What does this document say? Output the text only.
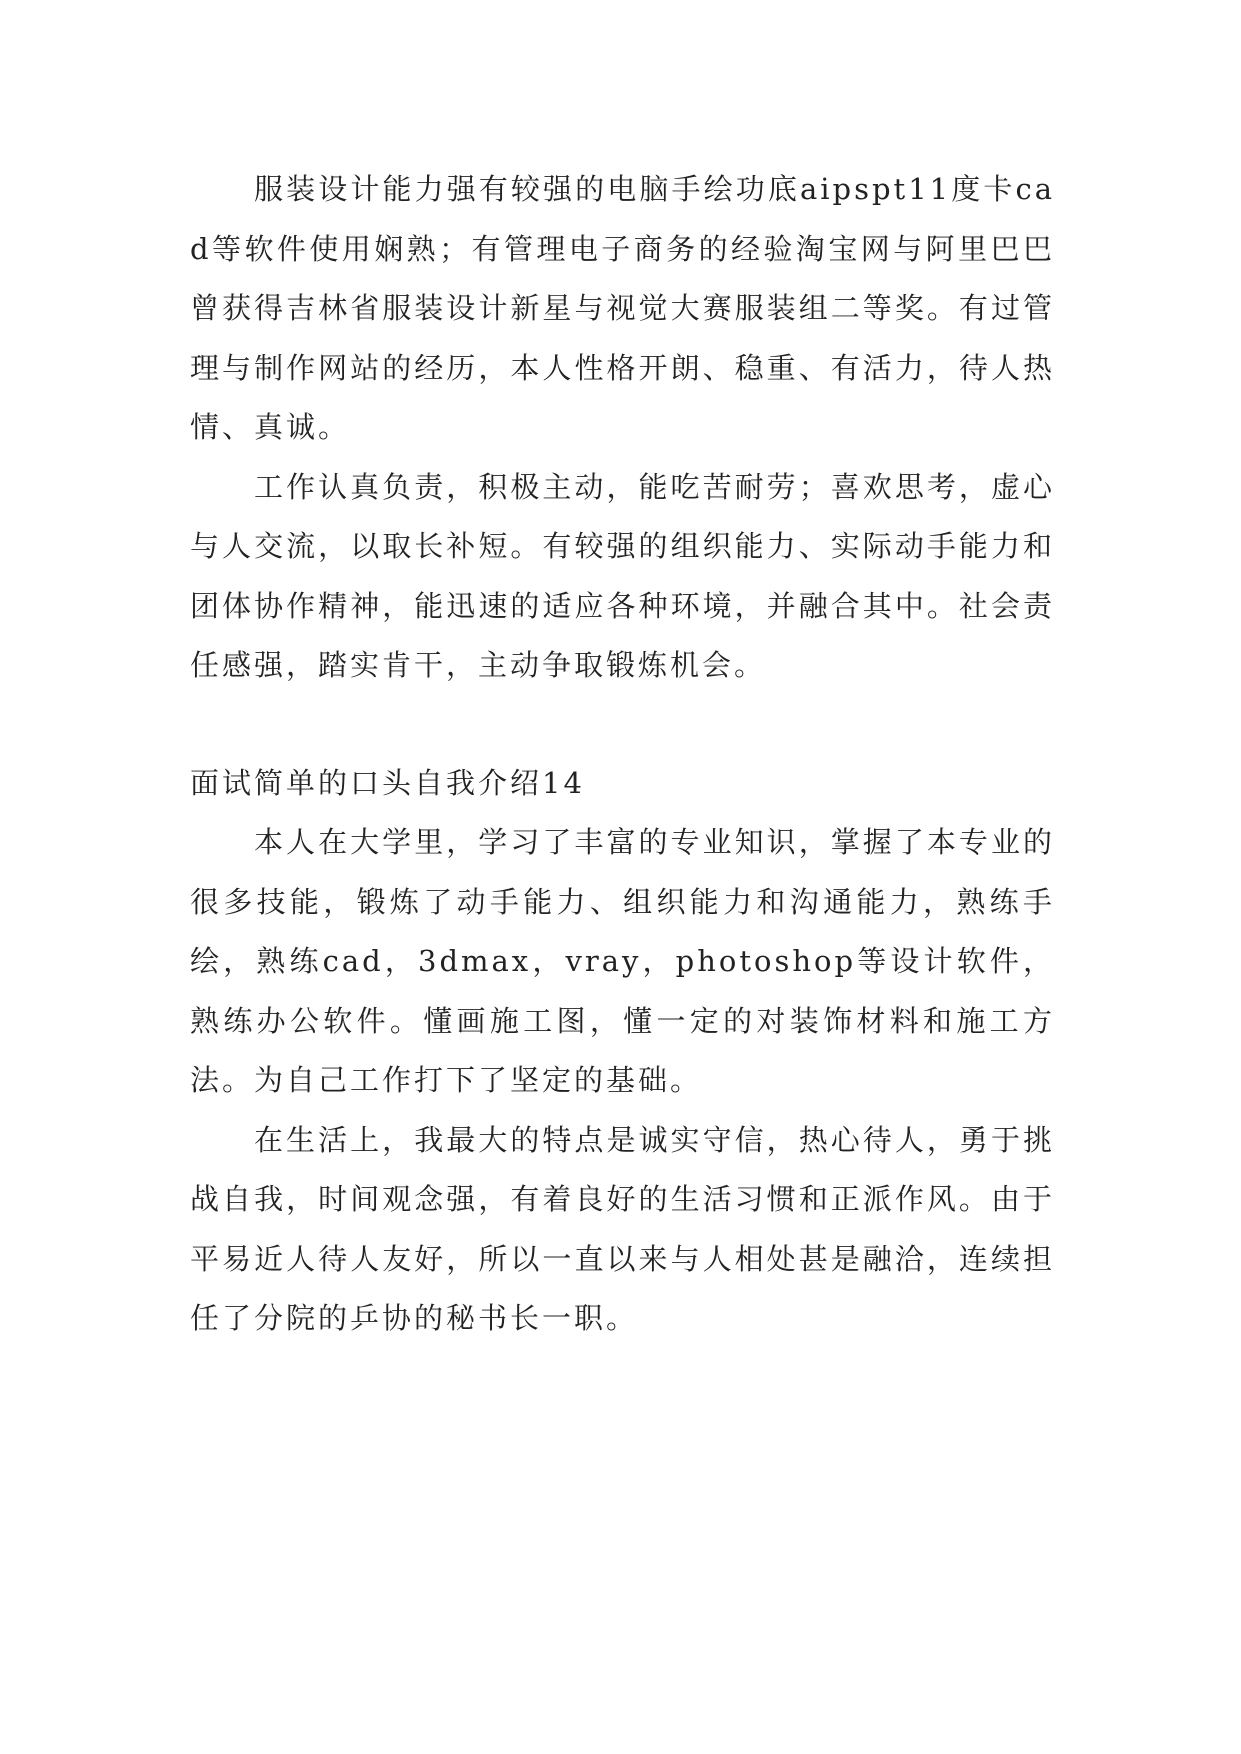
服装设计能力强有较强的电脑手绘功底aipspt11度卡cad等软件使用娴熟；有管理电子商务的经验淘宝网与阿里巴巴曾获得吉林省服装设计新星与视觉大赛服装组二等奖。有过管理与制作网站的经历，本人性格开朗、稳重、有活力，待人热情、真诚。

工作认真负责，积极主动，能吃苦耐劳；喜欢思考，虚心与人交流，以取长补短。有较强的组织能力、实际动手能力和团体协作精神，能迅速的适应各种环境，并融合其中。社会责任感强，踏实肯干，主动争取锻炼机会。

面试简单的口头自我介绍14

本人在大学里，学习了丰富的专业知识，掌握了本专业的很多技能，锻炼了动手能力、组织能力和沟通能力，熟练手绘，熟练cad，3dmax，vray，photoshop等设计软件，熟练办公软件。懂画施工图，懂一定的对装饰材料和施工方法。为自己工作打下了坚定的基础。

在生活上，我最大的特点是诚实守信，热心待人，勇于挑战自我，时间观念强，有着良好的生活习惯和正派作风。由于平易近人待人友好，所以一直以来与人相处甚是融洽，连续担任了分院的乒协的秘书长一职。
